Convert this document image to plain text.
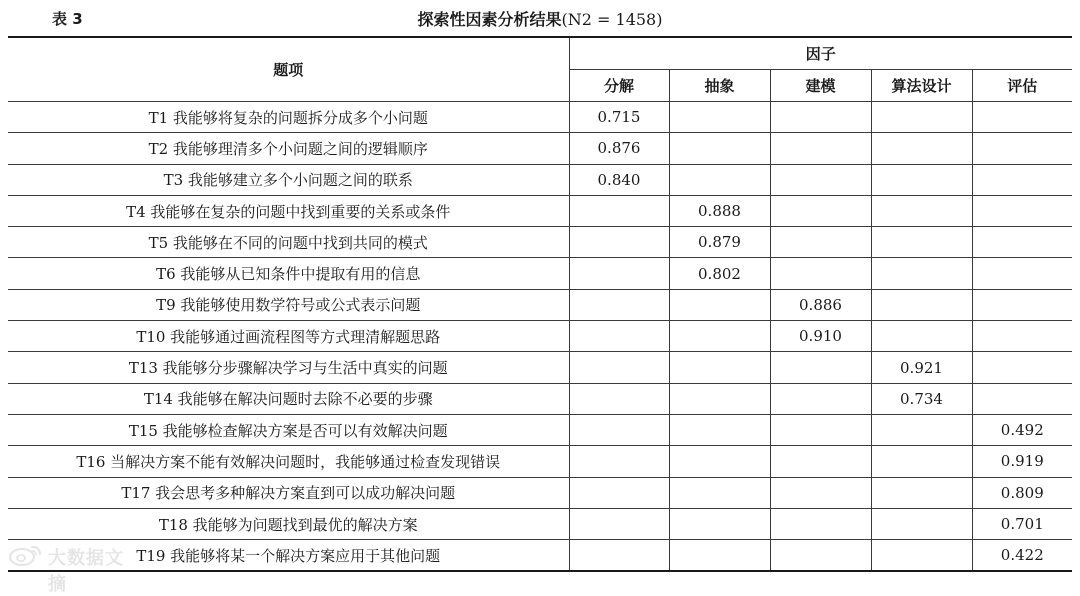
表 3	探索性因素分析结果(N2 = 1458)
题项	因子				
	分解	抽象	建模	算法设计	评估
T1 我能够将复杂的问题拆分成多个小问题	0.715				
T2 我能够理清多个小问题之间的逻辑顺序	0.876				
T3 我能够建立多个小问题之间的联系	0.840				
T4 我能够在复杂的问题中找到重要的关系或条件		0.888			
T5 我能够在不同的问题中找到共同的模式		0.879			
T6 我能够从已知条件中提取有用的信息		0.802			
T9 我能够使用数学符号或公式表示问题			0.886		
T10 我能够通过画流程图等方式理清解题思路			0.910		
T13 我能够分步骤解决学习与生活中真实的问题				0.921	
T14 我能够在解决问题时去除不必要的步骤				0.734	
T15 我能够检查解决方案是否可以有效解决问题					0.492
T16 当解决方案不能有效解决问题时，我能够通过检查发现错误					0.919
T17 我会思考多种解决方案直到可以成功解决问题					0.809
T18 我能够为问题找到最优的解决方案					0.701
T19 我能够将某一个解决方案应用于其他问题					0.422
大数据文摘
